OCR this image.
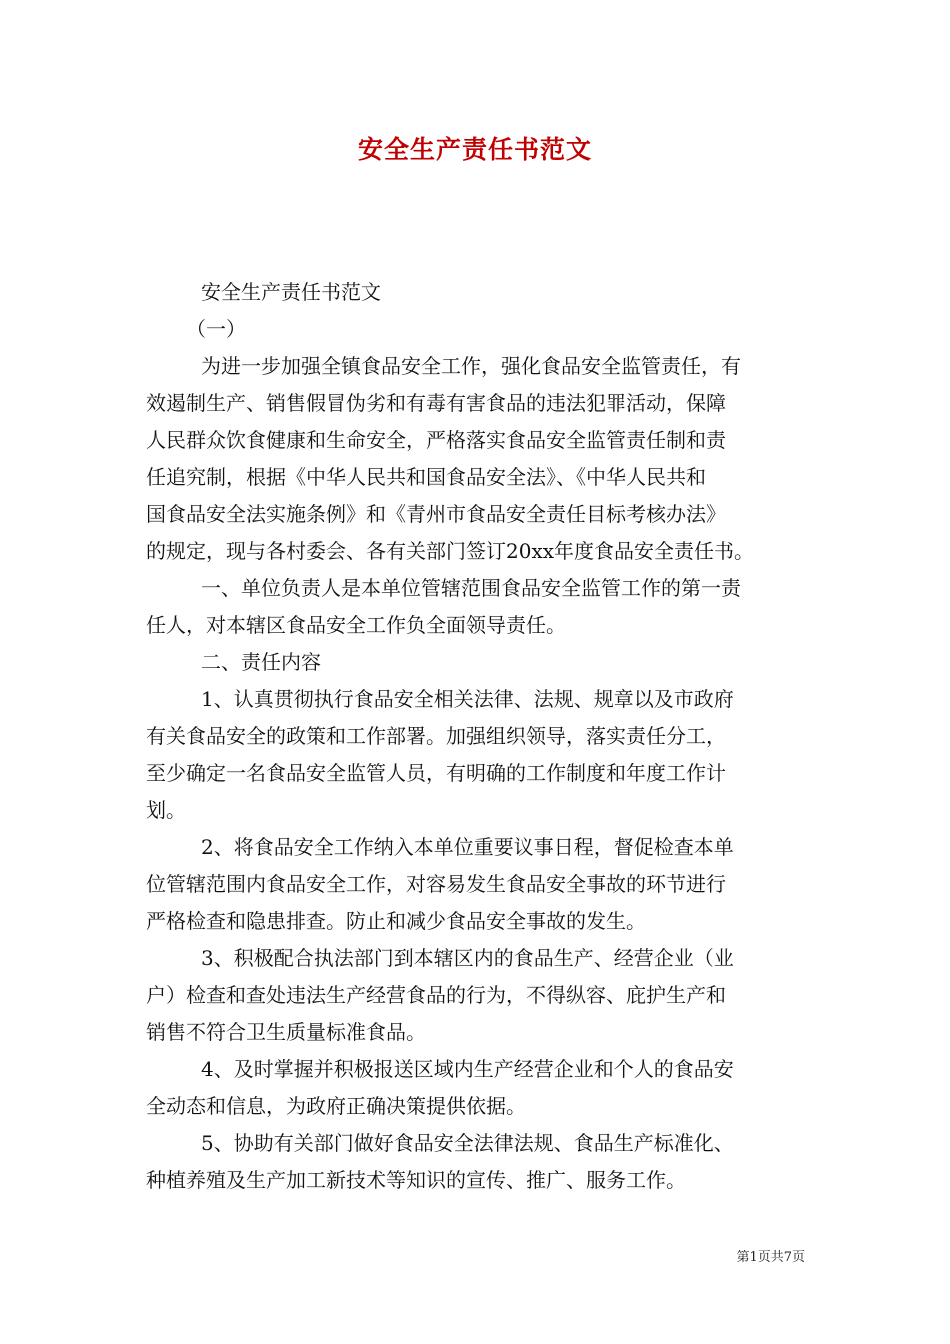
安全生产责任书范文
安全生产责任书范文
（一）
为进一步加强全镇食品安全工作，强化食品安全监管责任，有
效遏制生产、销售假冒伪劣和有毒有害食品的违法犯罪活动，保障
人民群众饮食健康和生命安全，严格落实食品安全监管责任制和责
任追究制，根据《中华人民共和国食品安全法》、《中华人民共和
国食品安全法实施条例》和《青州市食品安全责任目标考核办法》
的规定，现与各村委会、各有关部门签订20xx年度食品安全责任书。
一、单位负责人是本单位管辖范围食品安全监管工作的第一责
任人，对本辖区食品安全工作负全面领导责任。
二、责任内容
1、认真贯彻执行食品安全相关法律、法规、规章以及市政府
有关食品安全的政策和工作部署。加强组织领导，落实责任分工，
至少确定一名食品安全监管人员，有明确的工作制度和年度工作计
划。
2、将食品安全工作纳入本单位重要议事日程，督促检查本单
位管辖范围内食品安全工作，对容易发生食品安全事故的环节进行
严格检查和隐患排查。防止和减少食品安全事故的发生。
3、积极配合执法部门到本辖区内的食品生产、经营企业（业
户）检查和查处违法生产经营食品的行为，不得纵容、庇护生产和
销售不符合卫生质量标准食品。
4、及时掌握并积极报送区域内生产经营企业和个人的食品安
全动态和信息，为政府正确决策提供依据。
5、协助有关部门做好食品安全法律法规、食品生产标准化、
种植养殖及生产加工新技术等知识的宣传、推广、服务工作。
第1页共7页
